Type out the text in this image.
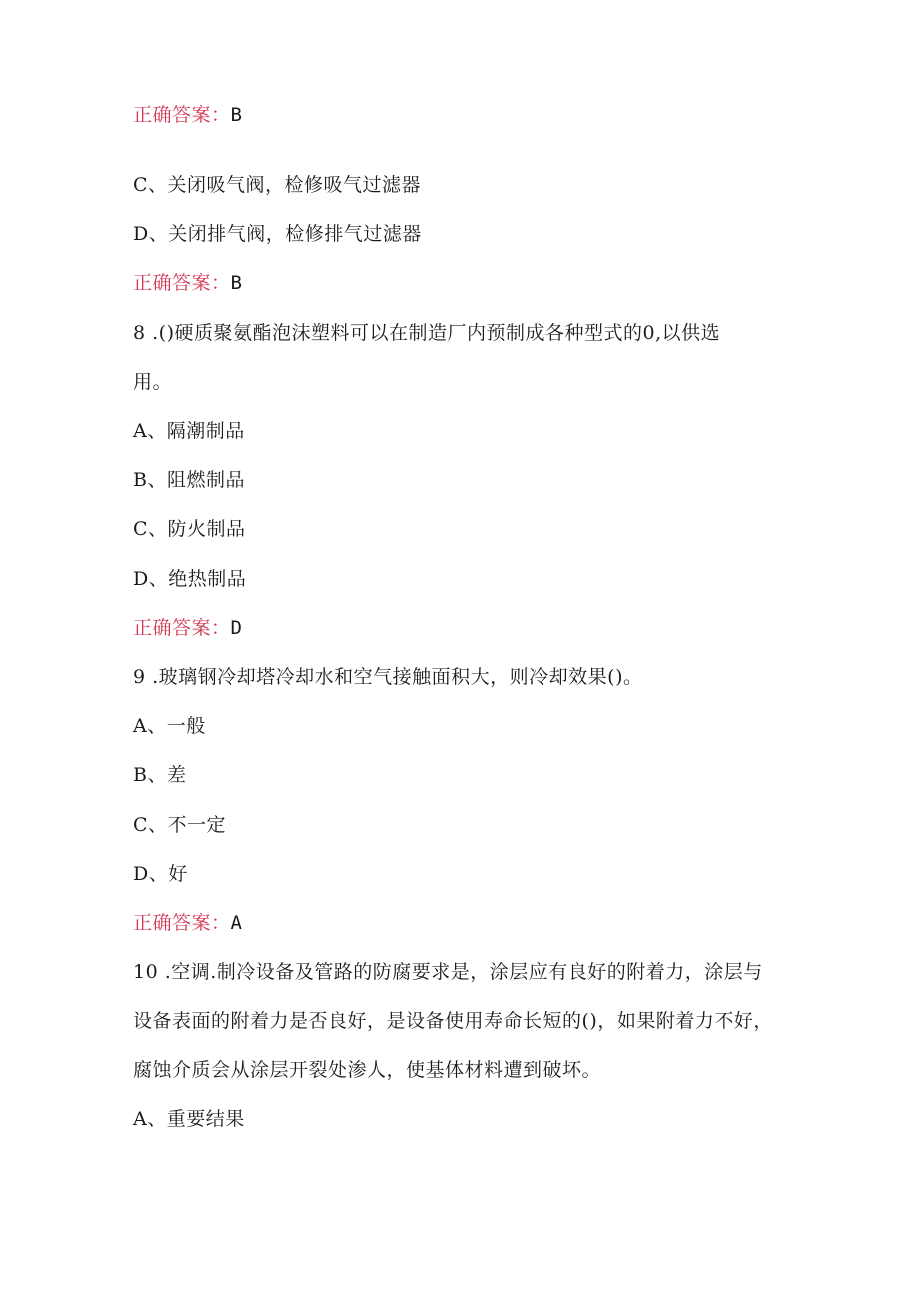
正确答案：B
C、关闭吸气阀，检修吸气过滤器
D、关闭排气阀，检修排气过滤器
正确答案：B
8 .()硬质聚氨酯泡沫塑料可以在制造厂内预制成各种型式的0,以供选
用。
A、隔潮制品
B、阻燃制品
C、防火制品
D、绝热制品
正确答案：D
9 .玻璃钢冷却塔冷却水和空气接触面积大，则冷却效果()。
A、一般
B、差
C、不一定
D、好
正确答案：A
10 .空调.制冷设备及管路的防腐要求是，涂层应有良好的附着力，涂层与
设备表面的附着力是否良好，是设备使用寿命长短的()，如果附着力不好，
腐蚀介质会从涂层开裂处渗人，使基体材料遭到破坏。
A、重要结果
